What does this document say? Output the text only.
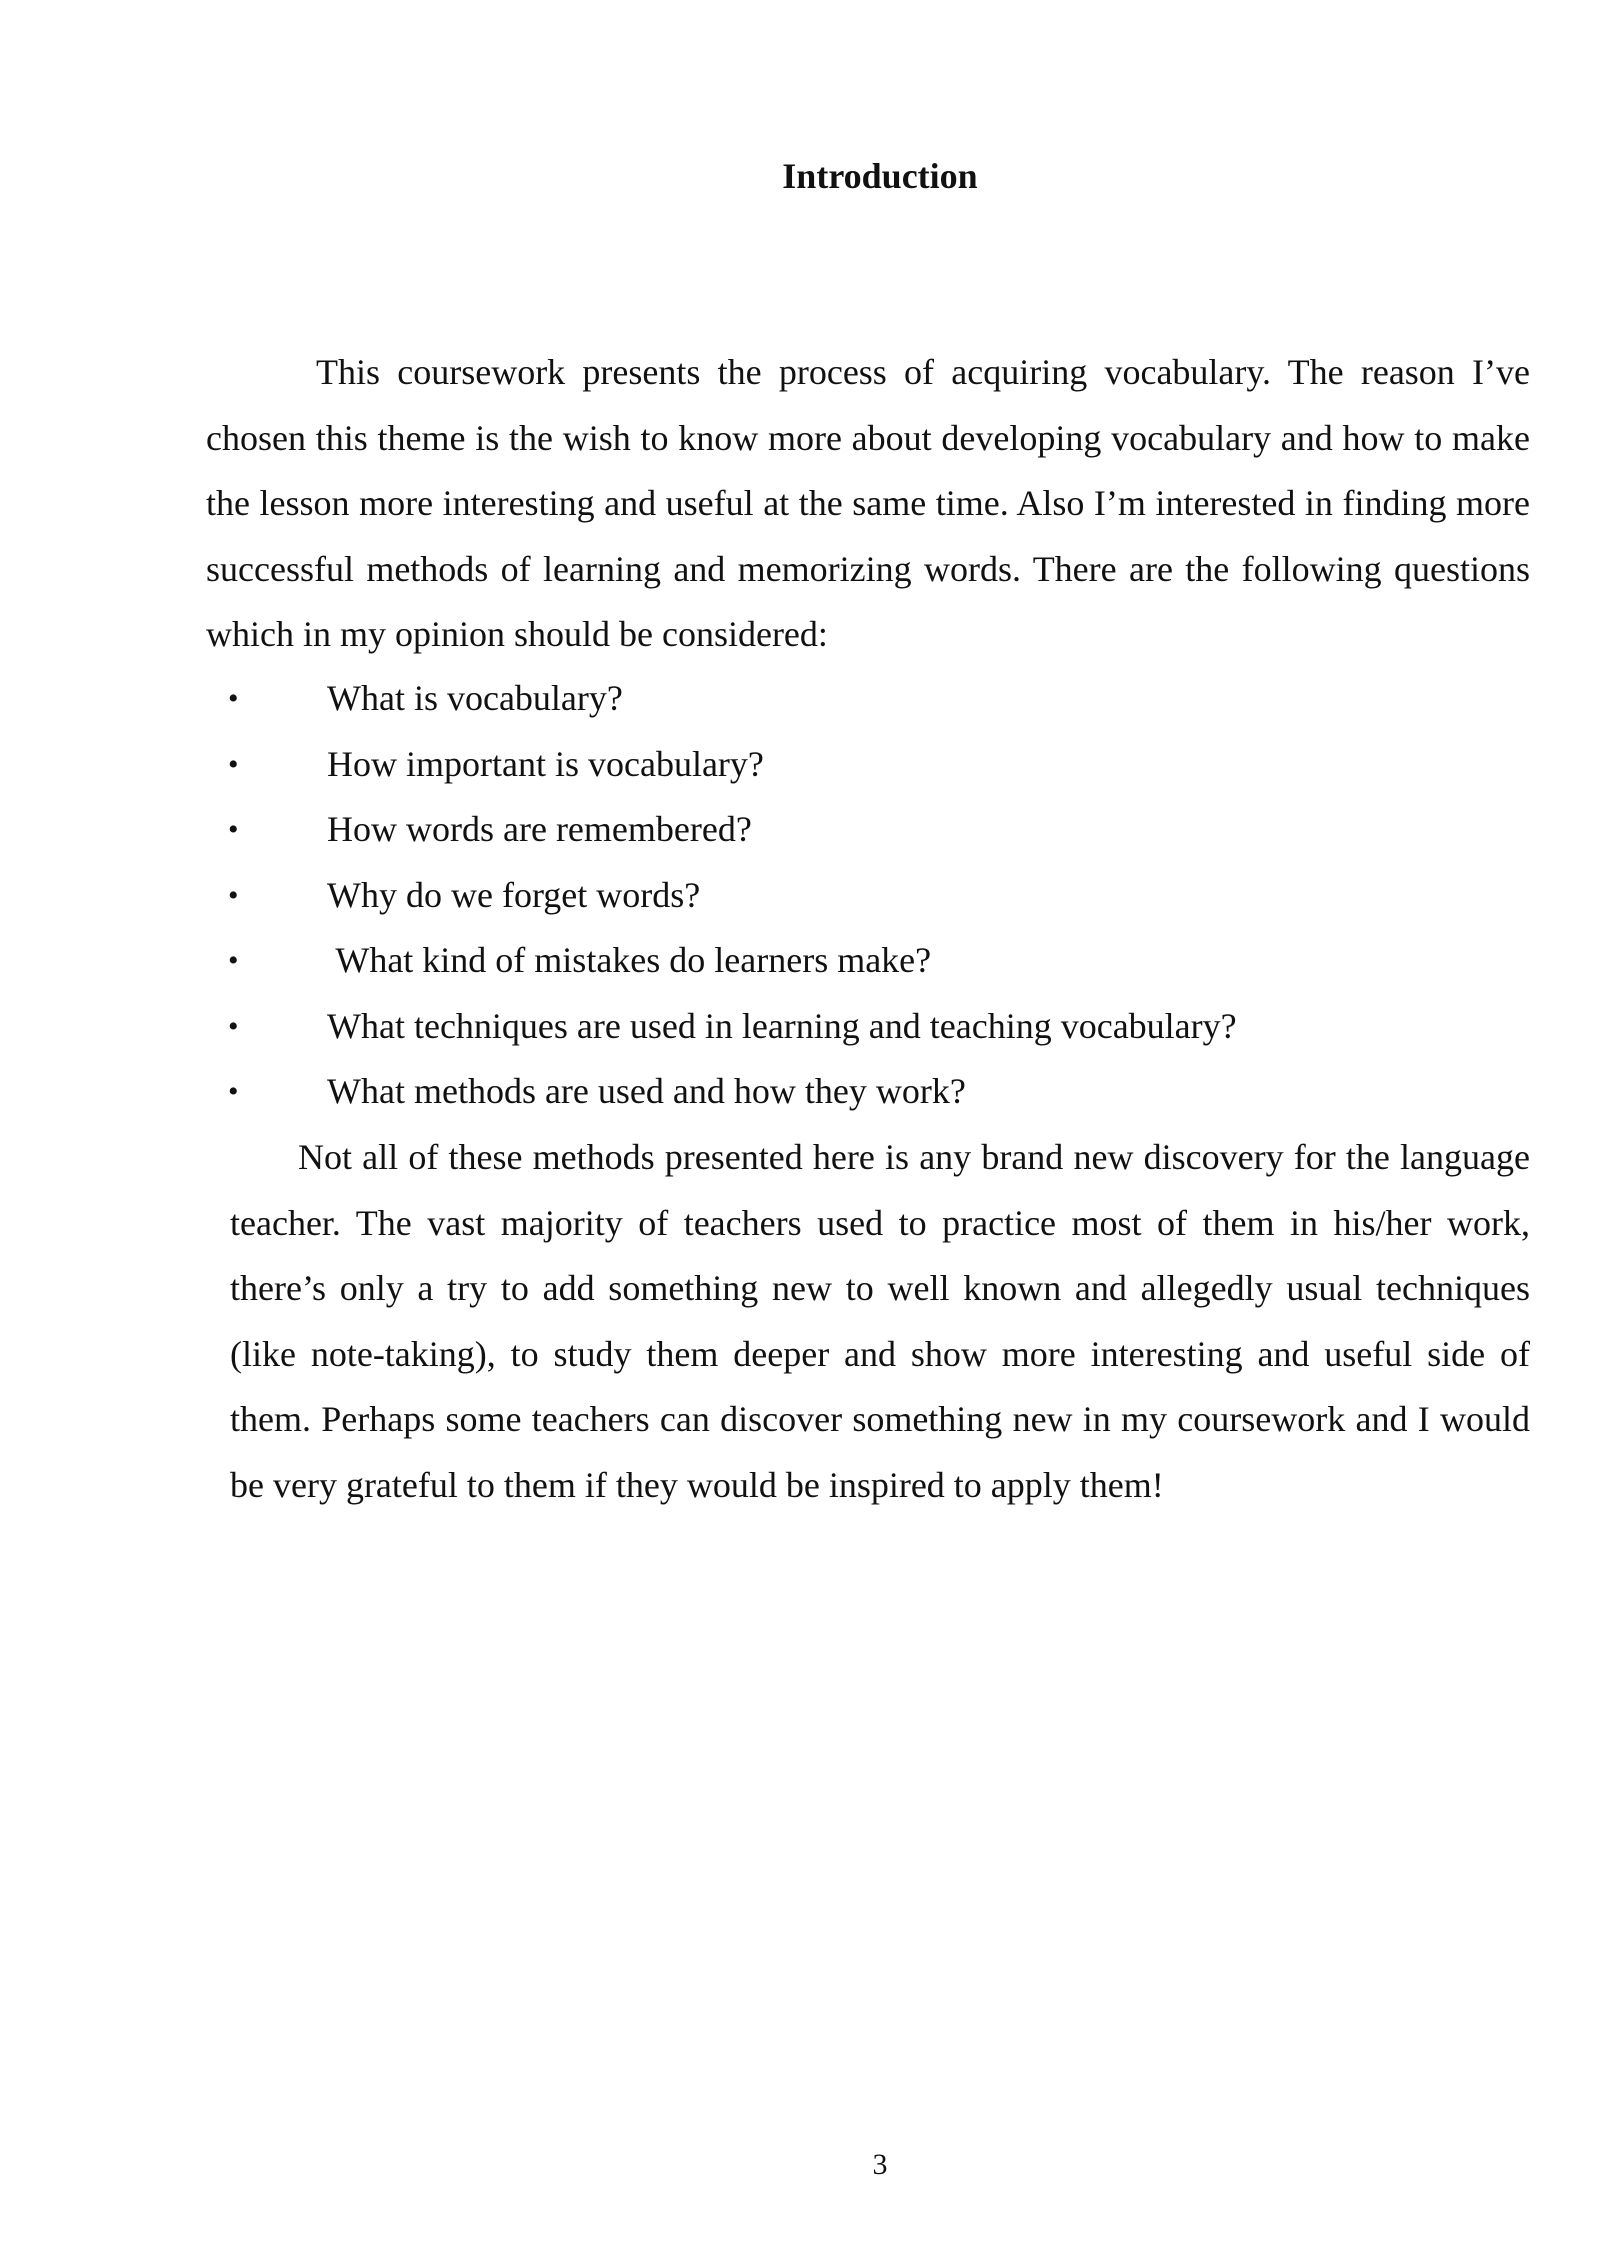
Introduction

This coursework presents the process of acquiring vocabulary. The reason I’ve chosen this theme is the wish to know more about developing vocabulary and how to make the lesson more interesting and useful at the same time. Also I’m interested in finding more successful methods of learning and memorizing words. There are the following questions which in my opinion should be considered:

• What is vocabulary?
• How important is vocabulary?
• How words are remembered?
• Why do we forget words?
• What kind of mistakes do learners make?
• What techniques are used in learning and teaching vocabulary?
• What methods are used and how they work?

Not all of these methods presented here is any brand new discovery for the language teacher. The vast majority of teachers used to practice most of them in his/her work, there’s only a try to add something new to well known and allegedly usual techniques (like note-taking), to study them deeper and show more interesting and useful side of them. Perhaps some teachers can discover something new in my coursework and I would be very grateful to them if they would be inspired to apply them!

3
